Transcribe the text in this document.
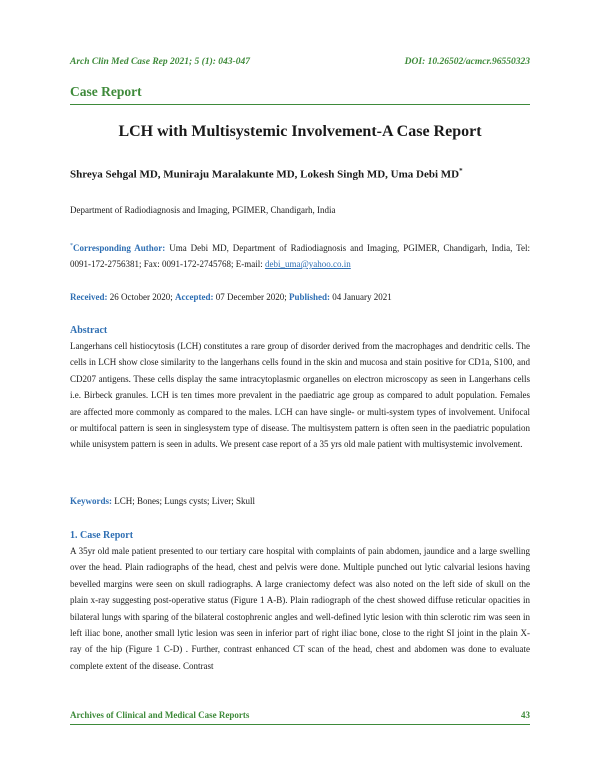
Arch Clin Med Case Rep 2021; 5 (1): 043-047	DOI: 10.26502/acmcr.96550323
Case Report
LCH with Multisystemic Involvement-A Case Report
Shreya Sehgal MD, Muniraju Maralakunte MD, Lokesh Singh MD, Uma Debi MD*
Department of Radiodiagnosis and Imaging, PGIMER, Chandigarh, India
*Corresponding Author: Uma Debi MD, Department of Radiodiagnosis and Imaging, PGIMER, Chandigarh, India, Tel: 0091-172-2756381; Fax: 0091-172-2745768; E-mail: debi_uma@yahoo.co.in
Received: 26 October 2020; Accepted: 07 December 2020; Published: 04 January 2021
Abstract
Langerhans cell histiocytosis (LCH) constitutes a rare group of disorder derived from the macrophages and dendritic cells. The cells in LCH show close similarity to the langerhans cells found in the skin and mucosa and stain positive for CD1a, S100, and CD207 antigens. These cells display the same intracytoplasmic organelles on electron microscopy as seen in Langerhans cells i.e. Birbeck granules. LCH is ten times more prevalent in the paediatric age group as compared to adult population. Females are affected more commonly as compared to the males. LCH can have single- or multi-system types of involvement. Unifocal or multifocal pattern is seen in singlesystem type of disease. The multisystem pattern is often seen in the paediatric population while unisystem pattern is seen in adults. We present case report of a 35 yrs old male patient with multisystemic involvement.
Keywords: LCH; Bones; Lungs cysts; Liver; Skull
1. Case Report
A 35yr old male patient presented to our tertiary care hospital with complaints of pain abdomen, jaundice and a large swelling over the head. Plain radiographs of the head, chest and pelvis were done. Multiple punched out lytic calvarial lesions having bevelled margins were seen on skull radiographs. A large craniectomy defect was also noted on the left side of skull on the plain x-ray suggesting post-operative status (Figure 1 A-B). Plain radiograph of the chest showed diffuse reticular opacities in bilateral lungs with sparing of the bilateral costophrenic angles and well-defined lytic lesion with thin sclerotic rim was seen in left iliac bone, another small lytic lesion was seen in inferior part of right iliac bone, close to the right SI joint in the plain X-ray of the hip (Figure 1 C-D) . Further, contrast enhanced CT scan of the head, chest and abdomen was done to evaluate complete extent of the disease. Contrast
Archives of Clinical and Medical Case Reports	43
